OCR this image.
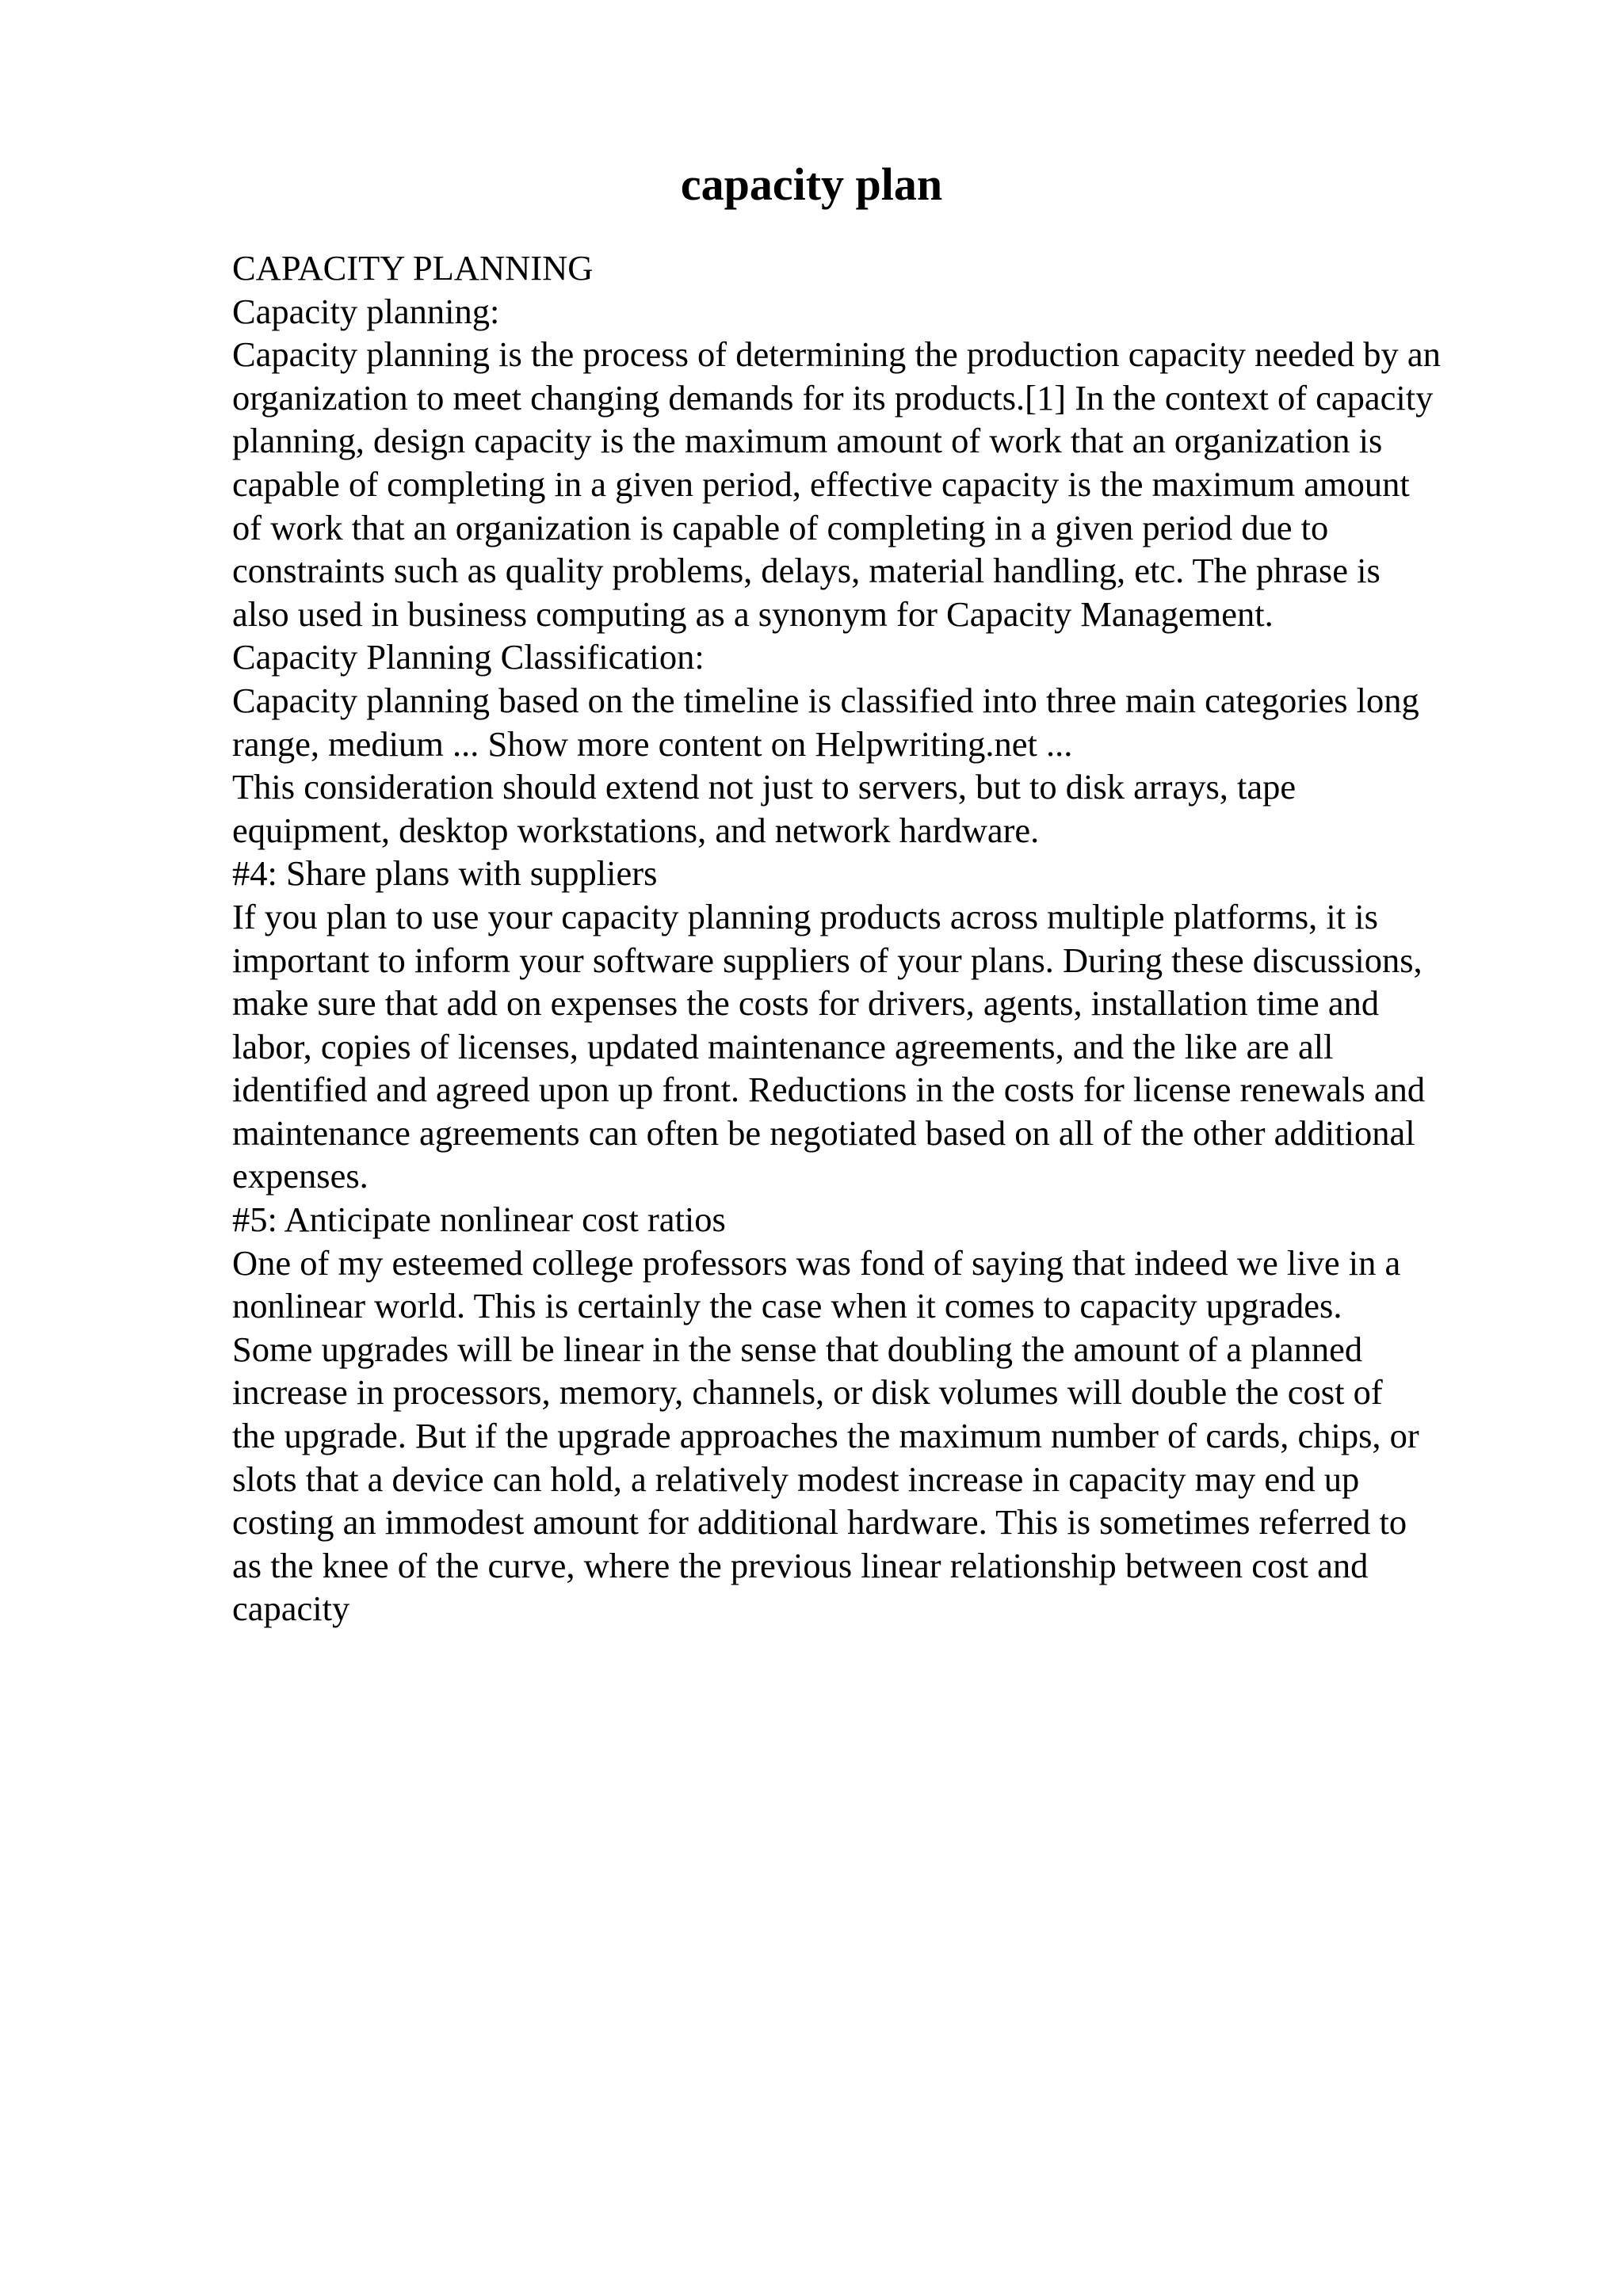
capacity plan
CAPACITY PLANNING
Capacity planning:
Capacity planning is the process of determining the production capacity needed by an
organization to meet changing demands for its products.[1] In the context of capacity
planning, design capacity is the maximum amount of work that an organization is
capable of completing in a given period, effective capacity is the maximum amount
of work that an organization is capable of completing in a given period due to
constraints such as quality problems, delays, material handling, etc. The phrase is
also used in business computing as a synonym for Capacity Management.
Capacity Planning Classification:
Capacity planning based on the timeline is classified into three main categories long
range, medium ... Show more content on Helpwriting.net ...
This consideration should extend not just to servers, but to disk arrays, tape
equipment, desktop workstations, and network hardware.
#4: Share plans with suppliers
If you plan to use your capacity planning products across multiple platforms, it is
important to inform your software suppliers of your plans. During these discussions,
make sure that add on expenses the costs for drivers, agents, installation time and
labor, copies of licenses, updated maintenance agreements, and the like are all
identified and agreed upon up front. Reductions in the costs for license renewals and
maintenance agreements can often be negotiated based on all of the other additional
expenses.
#5: Anticipate nonlinear cost ratios
One of my esteemed college professors was fond of saying that indeed we live in a
nonlinear world. This is certainly the case when it comes to capacity upgrades.
Some upgrades will be linear in the sense that doubling the amount of a planned
increase in processors, memory, channels, or disk volumes will double the cost of
the upgrade. But if the upgrade approaches the maximum number of cards, chips, or
slots that a device can hold, a relatively modest increase in capacity may end up
costing an immodest amount for additional hardware. This is sometimes referred to
as the knee of the curve, where the previous linear relationship between cost and
capacity
